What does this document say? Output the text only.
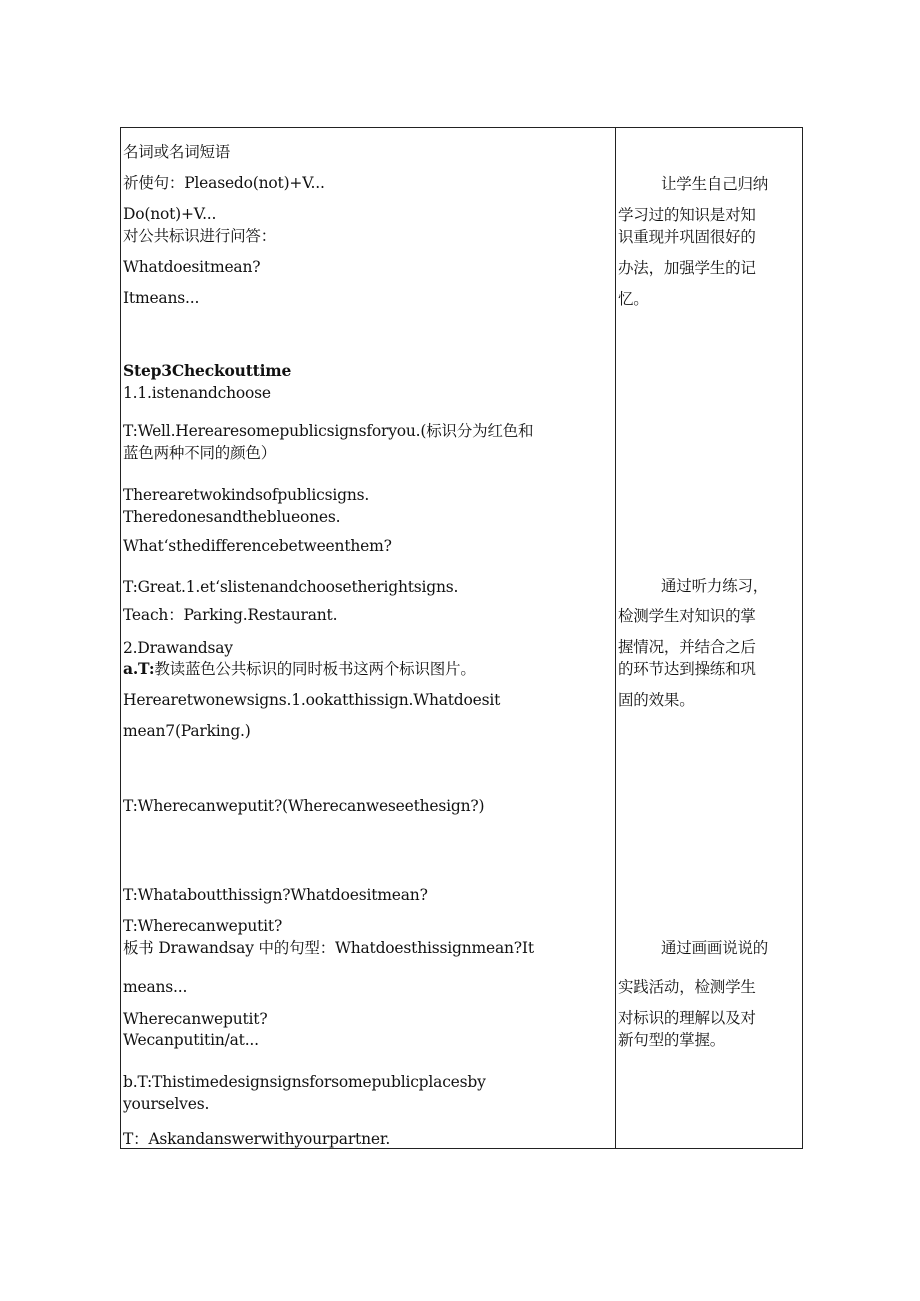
名词或名词短语
祈使句：Pleasedo(not)+V...
Do(not)+V...
对公共标识进行问答：
Whatdoesitmean?
Itmeans...
Step3Checkouttime
1.1.istenandchoose
T:Well.Herearesomepublicsignsforyou.(标识分为红色和
蓝色两种不同的颜色）
Therearetwokindsofpublicsigns.
Theredonesandtheblueones.
What‘sthedifferencebetweenthem?
T:Great.1.et‘slistenandchoosetherightsigns.
Teach：Parking.Restaurant.
2.Drawandsay
a.T:教读蓝色公共标识的同时板书这两个标识图片。
Herearetwonewsigns.1.ookatthissign.Whatdoesit
mean7(Parking.)
T:Wherecanweputit?(Wherecanweseethesign?)
T:Whataboutthissign?Whatdoesitmean?
T:Wherecanweputit?
板书 Drawandsay 中的句型：Whatdoesthissignmean?It
means...
Wherecanweputit?
Wecanputitin/at...
b.T:Thistimedesignsignsforsomepublicplacesby
yourselves.
T：Askandanswerwithyourpartner.
让学生自己归纳
学习过的知识是对知
识重现并巩固很好的
办法，加强学生的记
忆。
通过听力练习，
检测学生对知识的掌
握情况，并结合之后
的环节达到操练和巩
固的效果。
通过画画说说的
实践活动，检测学生
对标识的理解以及对
新句型的掌握。
